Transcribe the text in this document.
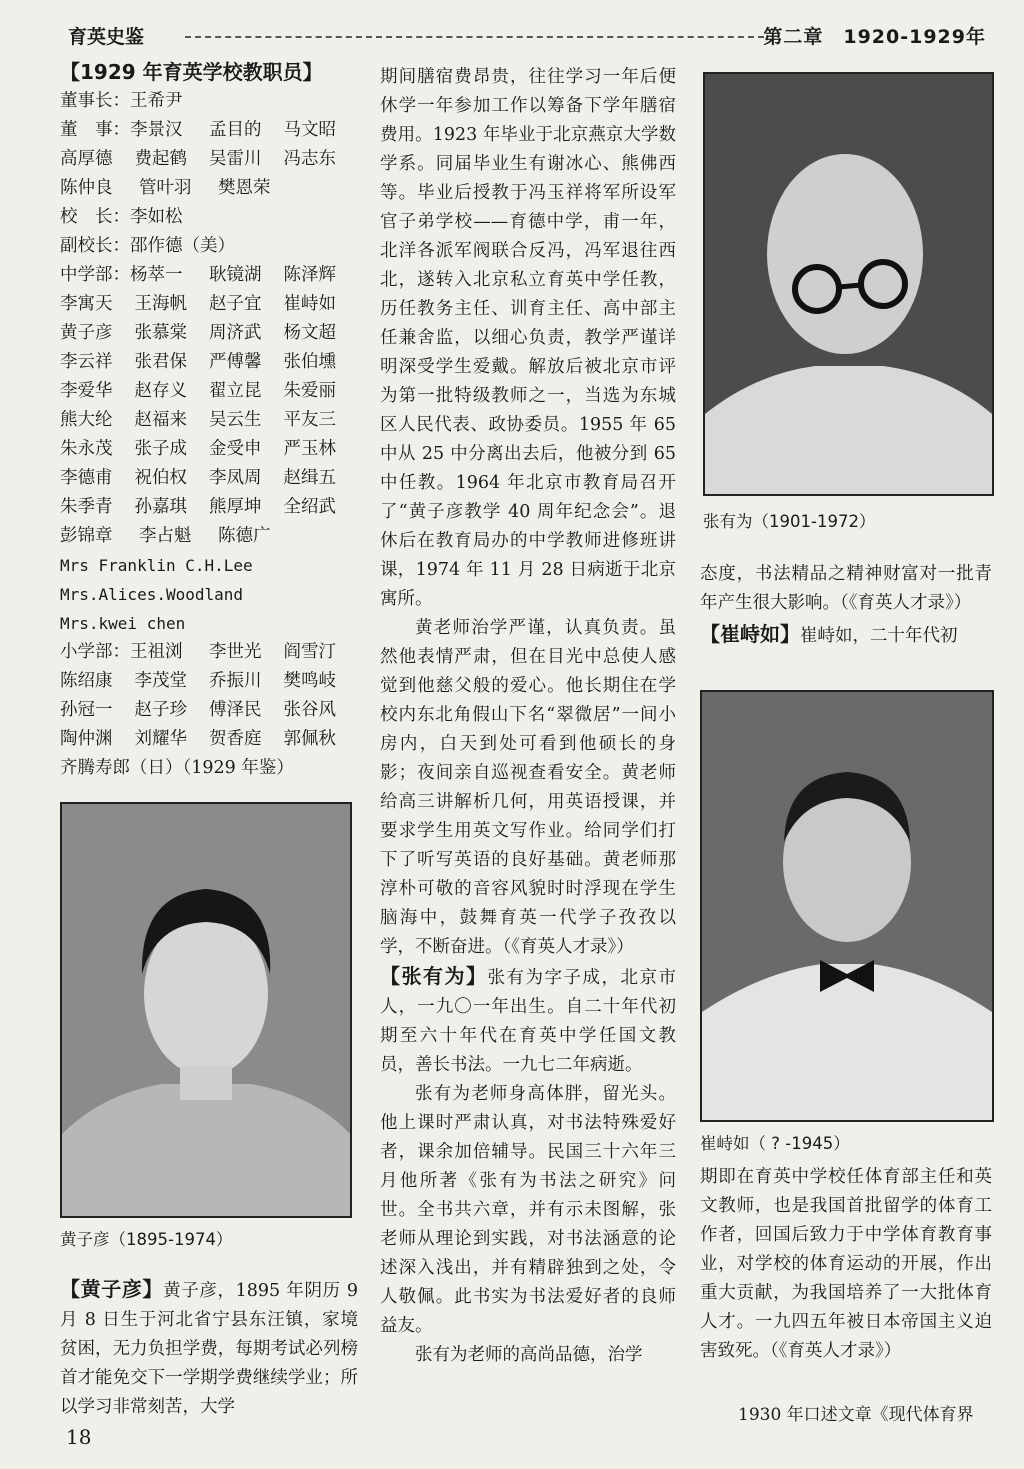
育英史鉴	第二章　1920-1929年
【1929 年育英学校教职员】
董事长：王希尹
董　事：李景汉	孟目的	马文昭
高厚德	费起鹤	吴雷川	冯志东
陈仲良	管叶羽	樊恩荣
校　长：李如松
副校长：邵作德（美）
中学部：杨萃一	耿镜湖	陈泽辉
李寓天	王海帆	赵子宜	崔峙如
黄子彦	张慕棠	周济武	杨文超
李云祥	张君保	严傅馨	张伯壎
李爱华	赵存义	翟立昆	朱爱丽
熊大纶	赵福来	吴云生	平友三
朱永茂	张子成	金受申	严玉林
李德甫	祝伯权	李凤周	赵缉五
朱季青	孙嘉琪	熊厚坤	全绍武
彭锦章	李占魁	陈德广
Mrs Franklin C.H.Lee
Mrs.Alices.Woodland
Mrs.kwei chen
小学部：王祖浏	李世光	阎雪汀
陈绍康	李茂堂	乔振川	樊鸣岐
孙冠一	赵子珍	傅泽民	张谷风
陶仲渊	刘耀华	贺香庭	郭佩秋
齐腾寿郎（日）（1929 年鉴）
黄子彦（1895-1974）

【黄子彦】黄子彦，1895 年阴历 9 月 8 日生于河北省宁县东汪镇，家境贫困，无力负担学费，每期考试必列榜首才能免交下一学期学费继续学业；所以学习非常刻苦，大学

期间膳宿费昂贵，往往学习一年后便休学一年参加工作以筹备下学年膳宿费用。1923 年毕业于北京燕京大学数学系。同届毕业生有谢冰心、熊佛西等。毕业后授教于冯玉祥将军所设军官子弟学校——育德中学，甫一年，北洋各派军阀联合反冯，冯军退往西北，遂转入北京私立育英中学任教，历任教务主任、训育主任、高中部主任兼舍监，以细心负责，教学严谨详明深受学生爱戴。解放后被北京市评为第一批特级教师之一，当选为东城区人民代表、政协委员。1955 年 65 中从 25 中分离出去后，他被分到 65 中任教。1964 年北京市教育局召开了“黄子彦教学 40 周年纪念会”。退休后在教育局办的中学教师进修班讲课，1974 年 11 月 28 日病逝于北京寓所。

黄老师治学严谨，认真负责。虽然他表情严肃，但在目光中总使人感觉到他慈父般的爱心。他长期住在学校内东北角假山下名“翠微居”一间小房内，白天到处可看到他硕长的身影；夜间亲自巡视查看安全。黄老师给高三讲解析几何，用英语授课，并要求学生用英文写作业。给同学们打下了听写英语的良好基础。黄老师那淳朴可敬的音容风貌时时浮现在学生脑海中，鼓舞育英一代学子孜孜以学，不断奋进。（《育英人才录》）

【张有为】张有为字子成，北京市人，一九〇一年出生。自二十年代初期至六十年代在育英中学任国文教员，善长书法。一九七二年病逝。

张有为老师身高体胖，留光头。他上课时严肃认真，对书法特殊爱好者，课余加倍辅导。民国三十六年三月他所著《张有为书法之研究》问世。全书共六章，并有示未图解，张老师从理论到实践，对书法涵意的论述深入浅出，并有精辟独到之处，令人敬佩。此书实为书法爱好者的良师益友。

张有为老师的高尚品德，治学

张有为（1901-1972）

态度，书法精品之精神财富对一批青年产生很大影响。（《育英人才录》）

【崔峙如】崔峙如，二十年代初

崔峙如（ ? -1945）

期即在育英中学校任体育部主任和英文教师，也是我国首批留学的体育工作者，回国后致力于中学体育教育事业，对学校的体育运动的开展，作出重大贡献，为我国培养了一大批体育人才。一九四五年被日本帝国主义迫害致死。（《育英人才录》）

1930 年口述文章《现代体育界
18
